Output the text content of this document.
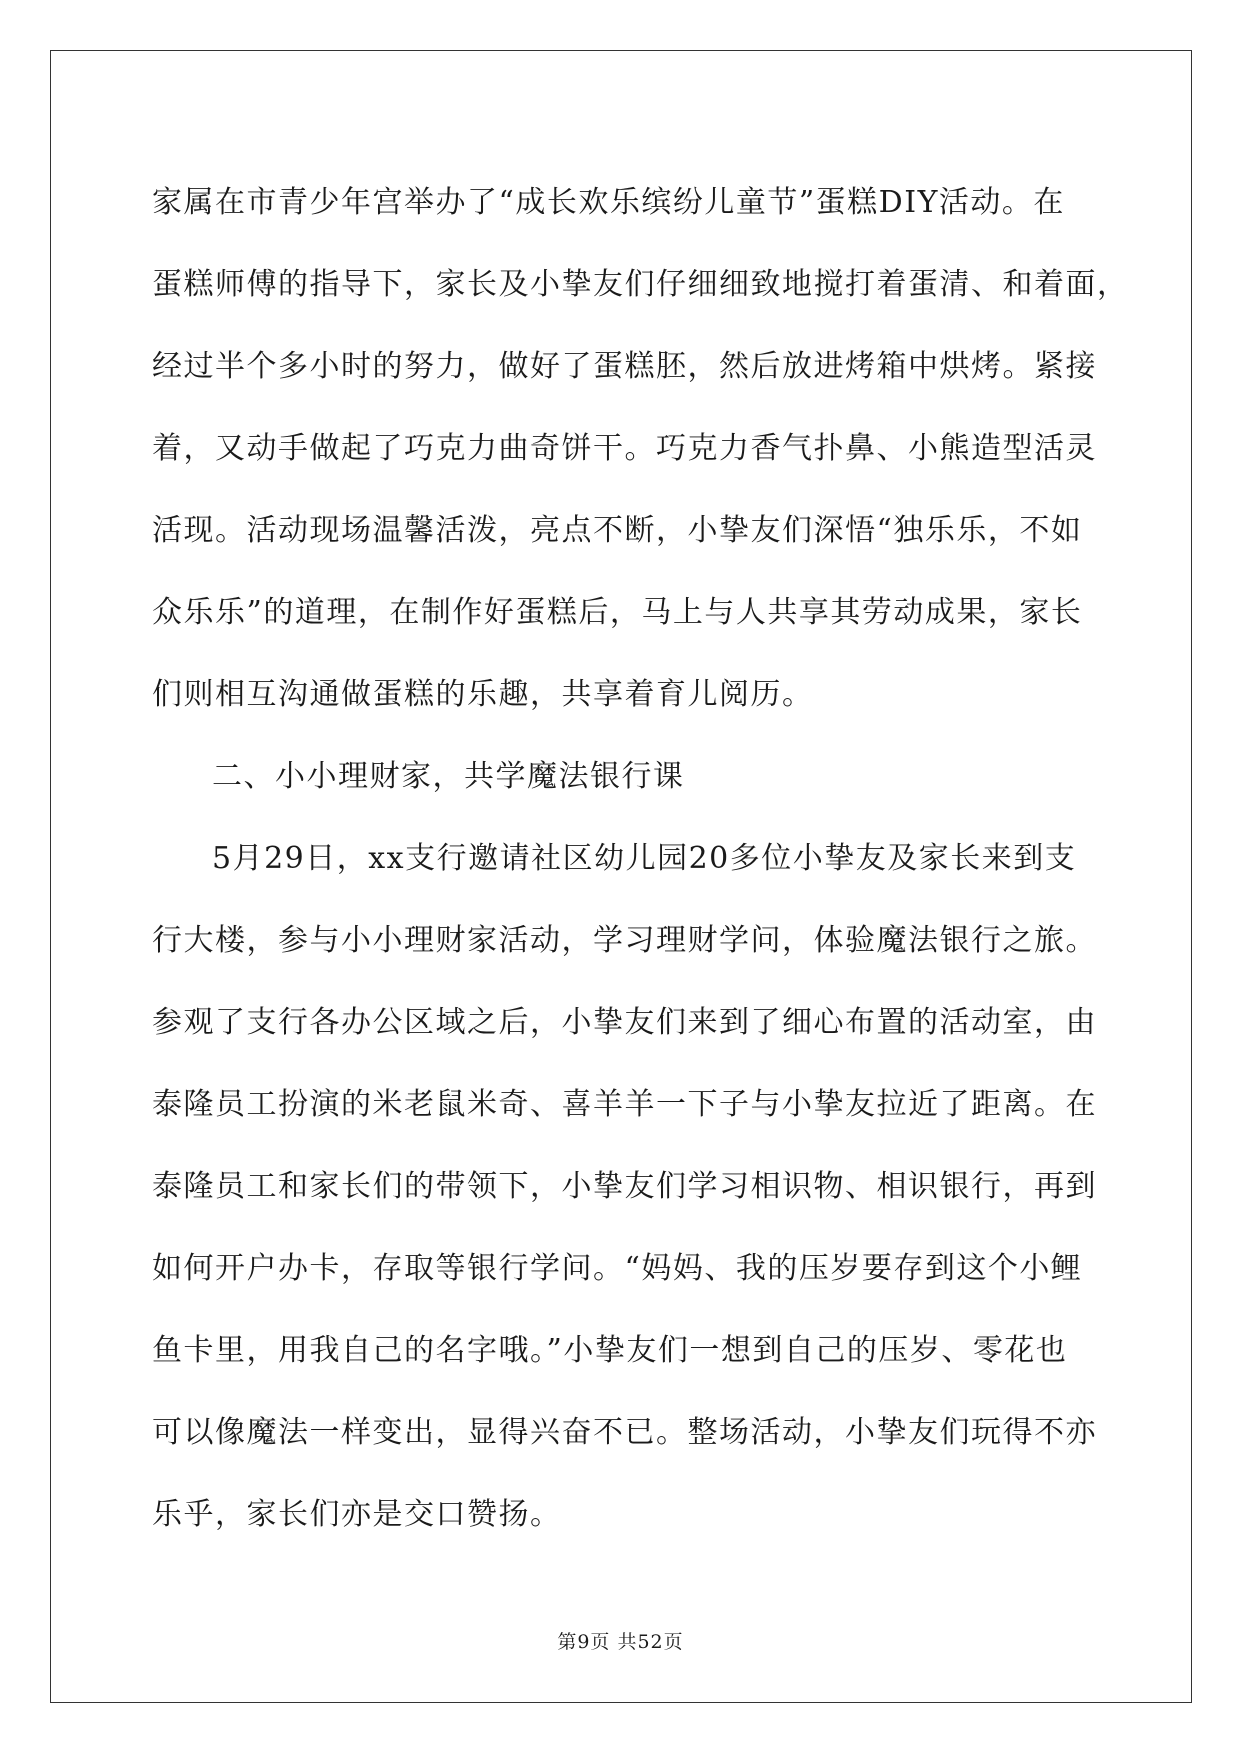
家属在市青少年宫举办了“成长欢乐缤纷儿童节”蛋糕DIY活动。在
蛋糕师傅的指导下，家长及小挚友们仔细细致地搅打着蛋清、和着面，
经过半个多小时的努力，做好了蛋糕胚，然后放进烤箱中烘烤。紧接
着，又动手做起了巧克力曲奇饼干。巧克力香气扑鼻、小熊造型活灵
活现。活动现场温馨活泼，亮点不断，小挚友们深悟“独乐乐，不如
众乐乐”的道理，在制作好蛋糕后，马上与人共享其劳动成果，家长
们则相互沟通做蛋糕的乐趣，共享着育儿阅历。
二、小小理财家，共学魔法银行课
5月29日，xx支行邀请社区幼儿园20多位小挚友及家长来到支
行大楼，参与小小理财家活动，学习理财学问，体验魔法银行之旅。
参观了支行各办公区域之后，小挚友们来到了细心布置的活动室，由
泰隆员工扮演的米老鼠米奇、喜羊羊一下子与小挚友拉近了距离。在
泰隆员工和家长们的带领下，小挚友们学习相识物、相识银行，再到
如何开户办卡，存取等银行学问。“妈妈、我的压岁要存到这个小鲤
鱼卡里，用我自己的名字哦。”小挚友们一想到自己的压岁、零花也
可以像魔法一样变出，显得兴奋不已。整场活动，小挚友们玩得不亦
乐乎，家长们亦是交口赞扬。
第9页 共52页
